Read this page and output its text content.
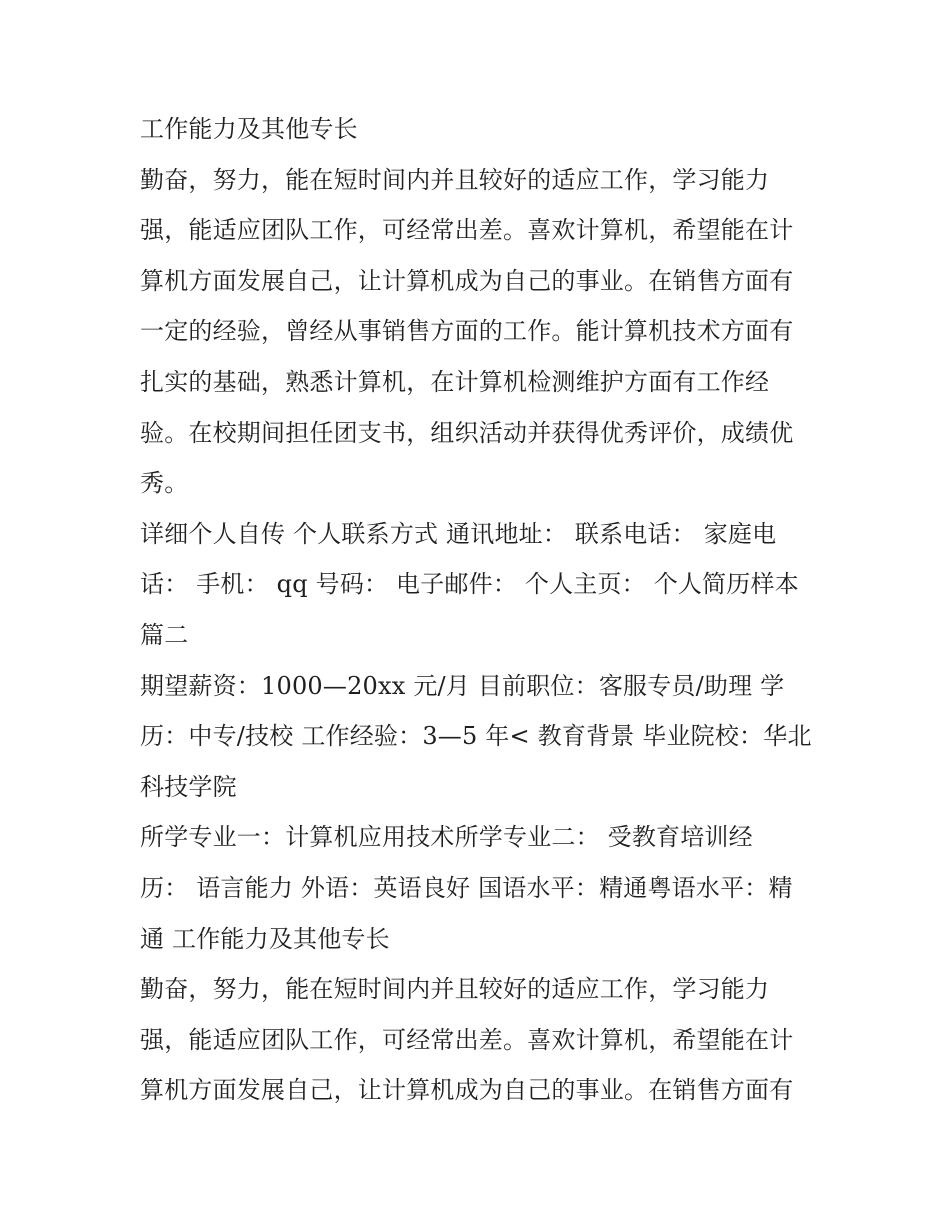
工作能力及其他专长
勤奋，努力，能在短时间内并且较好的适应工作，学习能力
强，能适应团队工作，可经常出差。喜欢计算机，希望能在计
算机方面发展自己，让计算机成为自己的事业。在销售方面有
一定的经验，曾经从事销售方面的工作。能计算机技术方面有
扎实的基础，熟悉计算机，在计算机检测维护方面有工作经
验。在校期间担任团支书，组织活动并获得优秀评价，成绩优
秀。
详细个人自传 个人联系方式 通讯地址： 联系电话： 家庭电
话： 手机： qq 号码： 电子邮件： 个人主页： 个人简历样本
篇二
期望薪资：1000—20xx 元/月 目前职位：客服专员/助理 学
历：中专/技校 工作经验：3—5 年< 教育背景 毕业院校：华北
科技学院
所学专业一：计算机应用技术所学专业二： 受教育培训经
历： 语言能力 外语：英语良好 国语水平：精通粤语水平：精
通 工作能力及其他专长
勤奋，努力，能在短时间内并且较好的适应工作，学习能力
强，能适应团队工作，可经常出差。喜欢计算机，希望能在计
算机方面发展自己，让计算机成为自己的事业。在销售方面有
